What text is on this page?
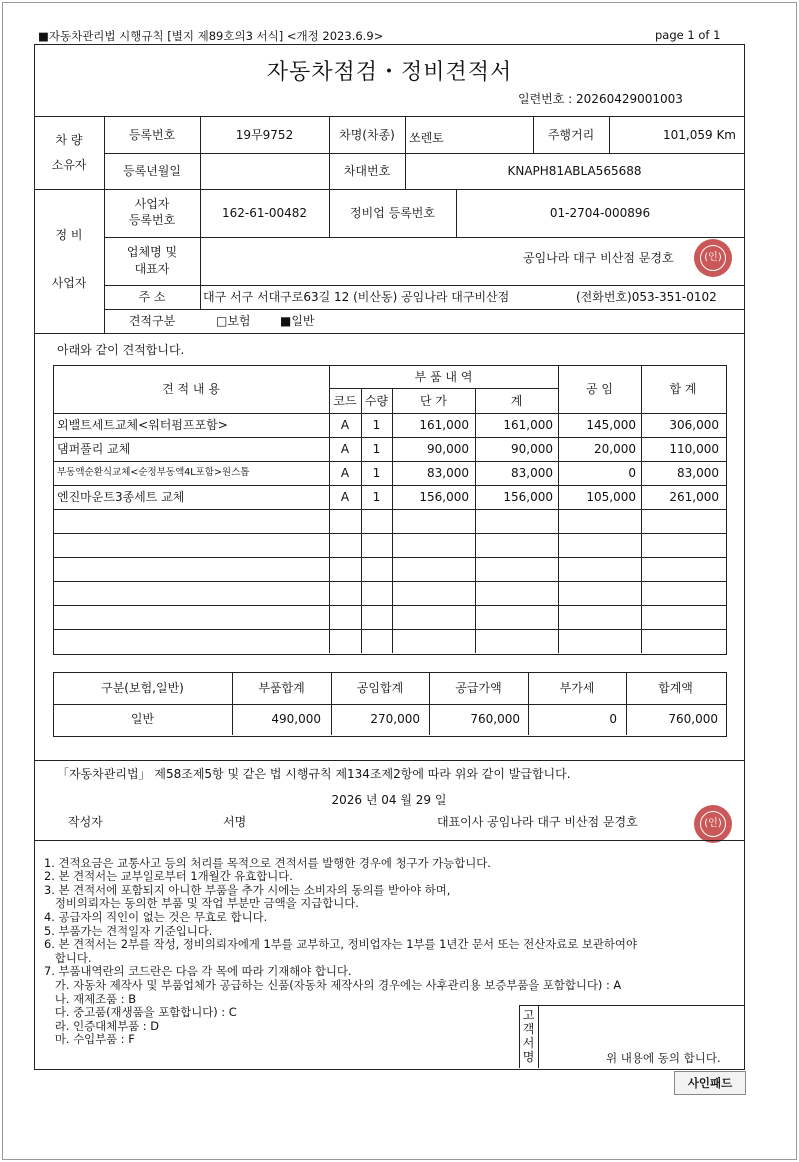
■자동차관리법 시행규칙 [별지 제89호의3 서식] <개정 2023.6.9>	page 1 of 1
자동차점검・정비견적서
일련번호 : 20260429001003
차 량
소유자
등록번호	19무9752	차명(차종)	쏘렌토	주행거리	101,059 Km
등록년월일	차대번호	KNAPH81ABLA565688
정 비
사업자
사업자
등록번호	162-61-00482	정비업 등록번호	01-2704-000896
업체명 및
대표자
공임나라 대구 비산점 문경호	(인)
주 소	대구 서구 서대구로63길 12 (비산동) 공임나라 대구비산점	(전화번호)053-351-0102
견적구분	□보험 ■일반
아래와 같이 견적합니다.
견 적 내 용
부 품 내 역
코드 수량	단 가	계
공 임	합 계
외밸트세트교체<워터펌프포함>	A	1	161,000	161,000	145,000	306,000
댐퍼풀리 교체	A	1	90,000	90,000	20,000	110,000
부동액순환식교체<순정부동액4L포함>원스톱	A	1	83,000	83,000	0	83,000
엔진마운트3종세트 교체	A	1	156,000	156,000	105,000	261,000
구분(보험,일반)	부품합계	공임합계	공급가액	부가세	합계액
일반	490,000	270,000	760,000	0	760,000
「자동차관리법」 제58조제5항 및 같은 법 시행규칙 제134조제2항에 따라 위와 같이 발급합니다.
2026 년 04 월 29 일
작성자	서명	대표이사 공임나라 대구 비산점 문경호	(인)

1. 견적요금은 교통사고 등의 처리를 목적으로 견적서를 발행한 경우에 청구가 가능합니다.
2. 본 견적서는 교부일로부터 1개월간 유효합니다.
3. 본 견적서에 포함되지 아니한 부품을 추가 시에는 소비자의 동의를 받아야 하며,
정비의뢰자는 동의한 부품 및 작업 부분만 금액을 지급합니다.
4. 공급자의 직인이 없는 것은 무효로 합니다.
5. 부품가는 견적일자 기준입니다.
6. 본 견적서는 2부를 작성, 정비의뢰자에게 1부를 교부하고, 정비업자는 1부를 1년간 문서 또는 전산자료로 보관하여야
합니다.
7. 부품내역란의 코드란은 다음 각 목에 따라 기재해야 합니다.
가. 자동차 제작사 및 부품업체가 공급하는 신품(자동차 제작사의 경우에는 사후관리용 보증부품을 포함합니다) : A
나. 재제조품 : B
다. 중고품(재생품을 포함합니다) : C
라. 인증대체부품 : D
마. 수입부품 : F

고
객
서
명	위 내용에 동의 합니다.
사인패드
